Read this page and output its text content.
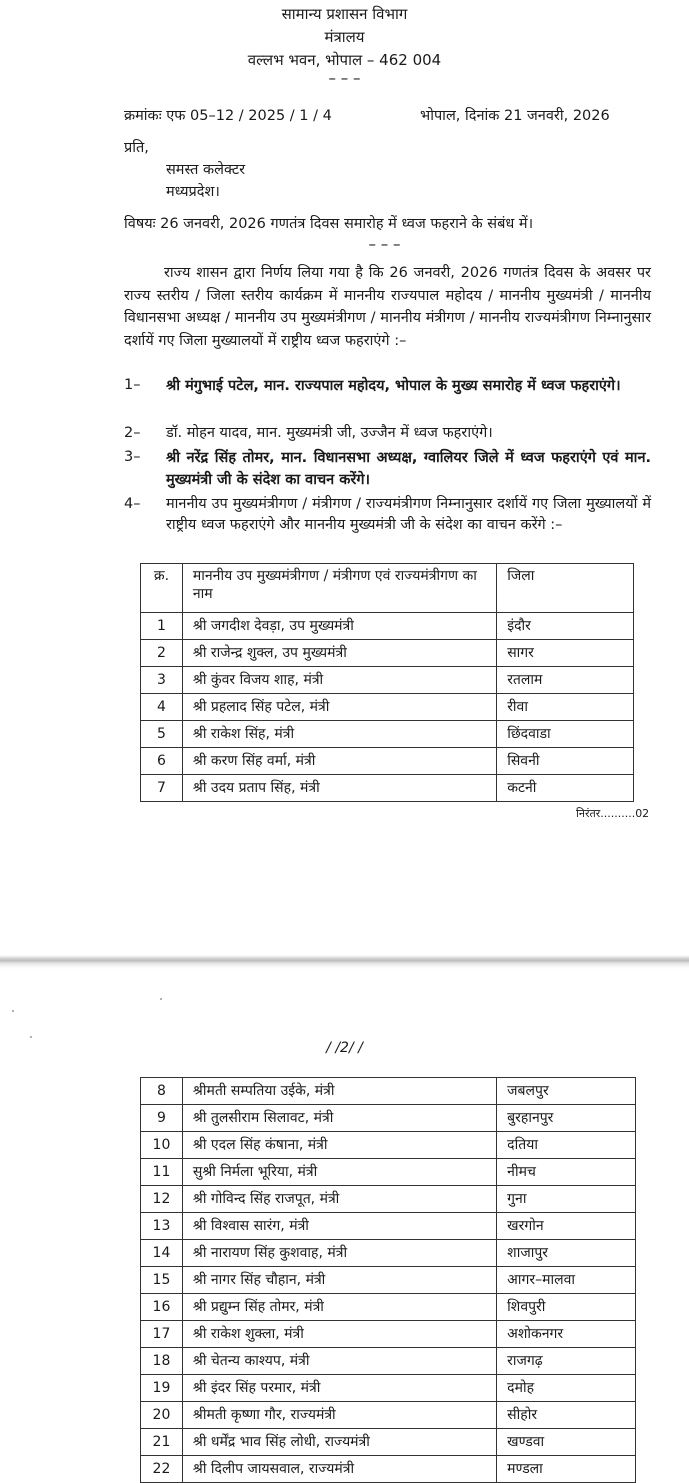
सामान्य प्रशासन विभाग
मंत्रालय
वल्लभ भवन, भोपाल – 462 004
– – –
क्रमांकः एफ 05–12 / 2025 / 1 / 4	भोपाल, दिनांक 21 जनवरी, 2026
प्रति,
समस्त कलेक्टर
मध्यप्रदेश।
विषयः 26 जनवरी, 2026 गणतंत्र दिवस समारोह में ध्वज फहराने के संबंध में।
– – –
राज्य शासन द्वारा निर्णय लिया गया है कि 26 जनवरी, 2026 गणतंत्र दिवस के अवसर पर राज्य स्तरीय / जिला स्तरीय कार्यक्रम में माननीय राज्यपाल महोदय / माननीय मुख्यमंत्री / माननीय विधानसभा अध्यक्ष / माननीय उप मुख्यमंत्रीगण / माननीय मंत्रीगण / माननीय राज्यमंत्रीगण निम्नानुसार दर्शायें गए जिला मुख्यालयों में राष्ट्रीय ध्वज फहराएंगे :–
1– श्री मंगुभाई पटेल, मान. राज्यपाल महोदय, भोपाल के मुख्य समारोह में ध्वज फहराएंगे।
2– डॉ. मोहन यादव, मान. मुख्यमंत्री जी, उज्जैन में ध्वज फहराएंगे।
3– श्री नरेंद्र सिंह तोमर, मान. विधानसभा अध्यक्ष, ग्वालियर जिले में ध्वज फहराएंगे एवं मान. मुख्यमंत्री जी के संदेश का वाचन करेंगे।
4– माननीय उप मुख्यमंत्रीगण / मंत्रीगण / राज्यमंत्रीगण निम्नानुसार दर्शायें गए जिला मुख्यालयों में राष्ट्रीय ध्वज फहराएंगे और माननीय मुख्यमंत्री जी के संदेश का वाचन करेंगे :–
क्र.	माननीय उप मुख्यमंत्रीगण / मंत्रीगण एवं राज्यमंत्रीगण का नाम	जिला
1	श्री जगदीश देवड़ा, उप मुख्यमंत्री	इंदौर
2	श्री राजेन्द्र शुक्ल, उप मुख्यमंत्री	सागर
3	श्री कुंवर विजय शाह, मंत्री	रतलाम
4	श्री प्रहलाद सिंह पटेल, मंत्री	रीवा
5	श्री राकेश सिंह, मंत्री	छिंदवाडा
6	श्री करण सिंह वर्मा, मंत्री	सिवनी
7	श्री उदय प्रताप सिंह, मंत्री	कटनी
निरंतर..........02
/ /2/ /
8	श्रीमती सम्पतिया उईके, मंत्री	जबलपुर
9	श्री तुलसीराम सिलावट, मंत्री	बुरहानपुर
10	श्री एदल सिंह कंषाना, मंत्री	दतिया
11	सुश्री निर्मला भूरिया, मंत्री	नीमच
12	श्री गोविन्द सिंह राजपूत, मंत्री	गुना
13	श्री विश्वास सारंग, मंत्री	खरगोन
14	श्री नारायण सिंह कुशवाह, मंत्री	शाजापुर
15	श्री नागर सिंह चौहान, मंत्री	आगर–मालवा
16	श्री प्रद्युम्न सिंह तोमर, मंत्री	शिवपुरी
17	श्री राकेश शुक्ला, मंत्री	अशोकनगर
18	श्री चेतन्य काश्यप, मंत्री	राजगढ़
19	श्री इंदर सिंह परमार, मंत्री	दमोह
20	श्रीमती कृष्णा गौर, राज्यमंत्री	सीहोर
21	श्री धर्मेंद्र भाव सिंह लोधी, राज्यमंत्री	खण्डवा
22	श्री दिलीप जायसवाल, राज्यमंत्री	मण्डला
